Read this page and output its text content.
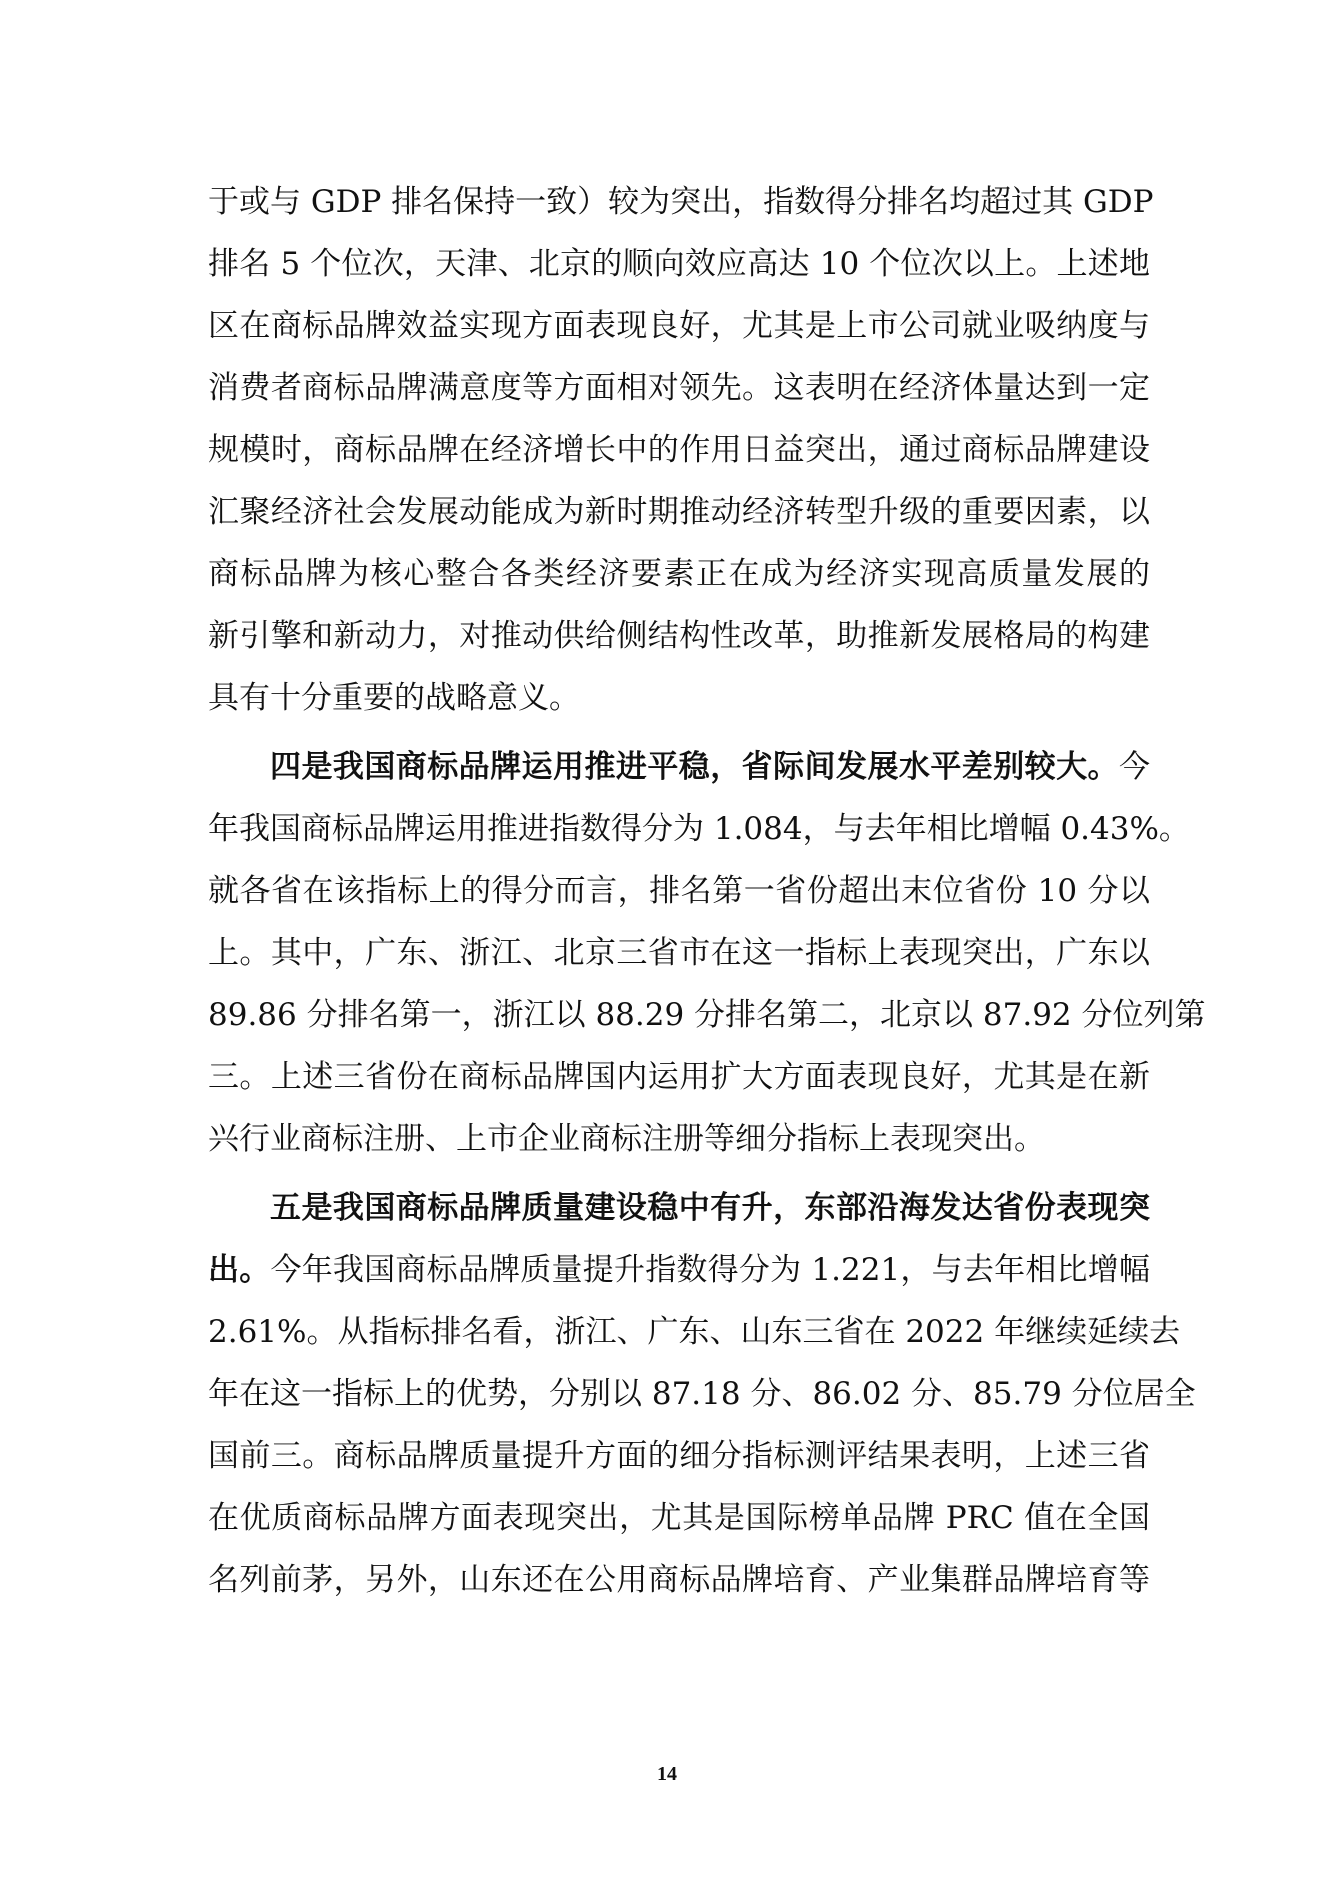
于或与 GDP 排名保持一致）较为突出，指数得分排名均超过其 GDP
排名 5 个位次，天津、北京的顺向效应高达 10 个位次以上。上述地
区在商标品牌效益实现方面表现良好，尤其是上市公司就业吸纳度与
消费者商标品牌满意度等方面相对领先。这表明在经济体量达到一定
规模时，商标品牌在经济增长中的作用日益突出，通过商标品牌建设
汇聚经济社会发展动能成为新时期推动经济转型升级的重要因素，以
商标品牌为核心整合各类经济要素正在成为经济实现高质量发展的
新引擎和新动力，对推动供给侧结构性改革，助推新发展格局的构建
具有十分重要的战略意义。
四是我国商标品牌运用推进平稳，省际间发展水平差别较大。今
年我国商标品牌运用推进指数得分为 1.084，与去年相比增幅 0.43%。
就各省在该指标上的得分而言，排名第一省份超出末位省份 10 分以
上。其中，广东、浙江、北京三省市在这一指标上表现突出，广东以
89.86 分排名第一，浙江以 88.29 分排名第二，北京以 87.92 分位列第
三。上述三省份在商标品牌国内运用扩大方面表现良好，尤其是在新
兴行业商标注册、上市企业商标注册等细分指标上表现突出。
五是我国商标品牌质量建设稳中有升，东部沿海发达省份表现突
出。今年我国商标品牌质量提升指数得分为 1.221，与去年相比增幅
2.61%。从指标排名看，浙江、广东、山东三省在 2022 年继续延续去
年在这一指标上的优势，分别以 87.18 分、86.02 分、85.79 分位居全
国前三。商标品牌质量提升方面的细分指标测评结果表明，上述三省
在优质商标品牌方面表现突出，尤其是国际榜单品牌 PRC 值在全国
名列前茅，另外，山东还在公用商标品牌培育、产业集群品牌培育等
14
